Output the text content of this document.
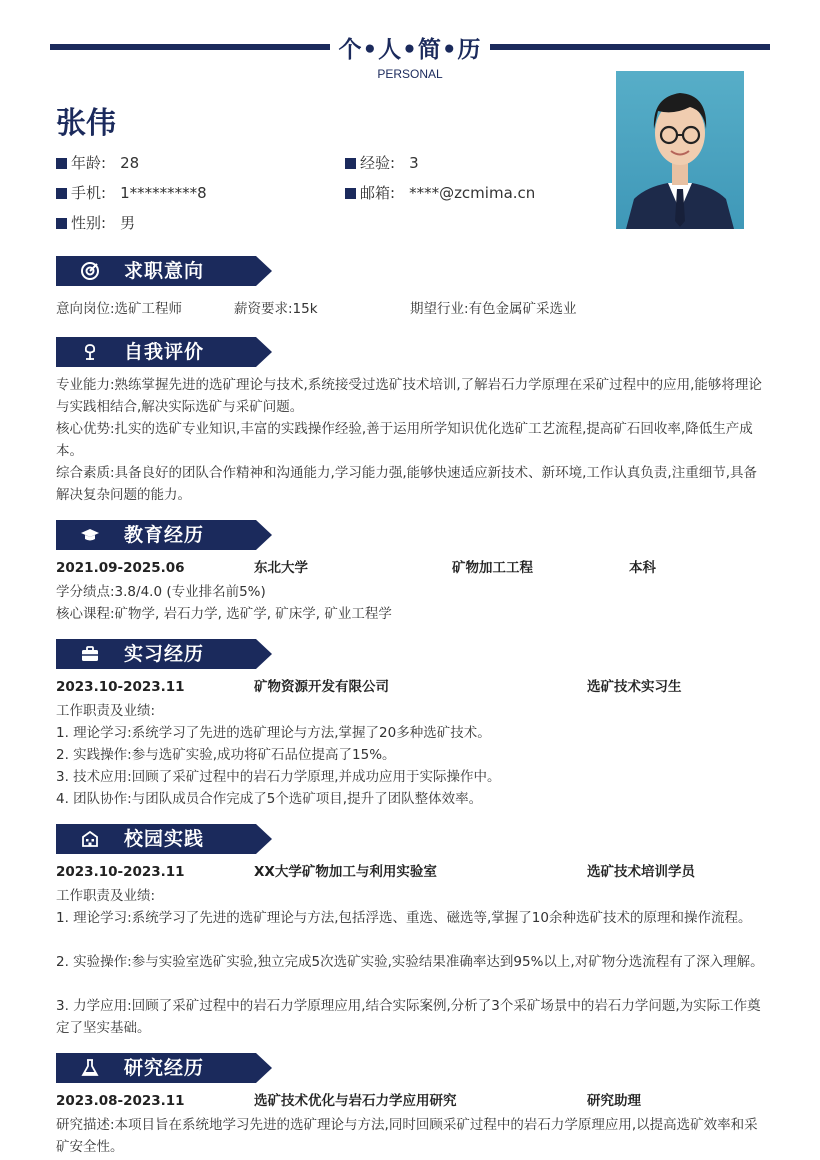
个•人•简•历
PERSONAL
张伟
年龄: 28	经验: 3
手机: 1*********8	邮箱: ****@zcmima.cn
性别: 男
求职意向
意向岗位:选矿工程师	薪资要求:15k	期望行业:有色金属矿采选业
自我评价
专业能力:熟练掌握先进的选矿理论与技术,系统接受过选矿技术培训,了解岩石力学原理在采矿过程中的应用,能够将理论与实践相结合,解决实际选矿与采矿问题。
核心优势:扎实的选矿专业知识,丰富的实践操作经验,善于运用所学知识优化选矿工艺流程,提高矿石回收率,降低生产成本。
综合素质:具备良好的团队合作精神和沟通能力,学习能力强,能够快速适应新技术、新环境,工作认真负责,注重细节,具备解决复杂问题的能力。
教育经历
2021.09-2025.06	东北大学	矿物加工工程	本科
学分绩点:3.8/4.0 (专业排名前5%)
核心课程:矿物学, 岩石力学, 选矿学, 矿床学, 矿业工程学
实习经历
2023.10-2023.11	矿物资源开发有限公司	选矿技术实习生
工作职责及业绩:
1. 理论学习:系统学习了先进的选矿理论与方法,掌握了20多种选矿技术。
2. 实践操作:参与选矿实验,成功将矿石品位提高了15%。
3. 技术应用:回顾了采矿过程中的岩石力学原理,并成功应用于实际操作中。
4. 团队协作:与团队成员合作完成了5个选矿项目,提升了团队整体效率。
校园实践
2023.10-2023.11	XX大学矿物加工与利用实验室	选矿技术培训学员
工作职责及业绩:
1. 理论学习:系统学习了先进的选矿理论与方法,包括浮选、重选、磁选等,掌握了10余种选矿技术的原理和操作流程。
2. 实验操作:参与实验室选矿实验,独立完成5次选矿实验,实验结果准确率达到95%以上,对矿物分选流程有了深入理解。
3. 力学应用:回顾了采矿过程中的岩石力学原理应用,结合实际案例,分析了3个采矿场景中的岩石力学问题,为实际工作奠定了坚实基础。
研究经历
2023.08-2023.11	选矿技术优化与岩石力学应用研究	研究助理
研究描述:本项目旨在系统地学习先进的选矿理论与方法,同时回顾采矿过程中的岩石力学原理应用,以提高选矿效率和采矿安全性。
